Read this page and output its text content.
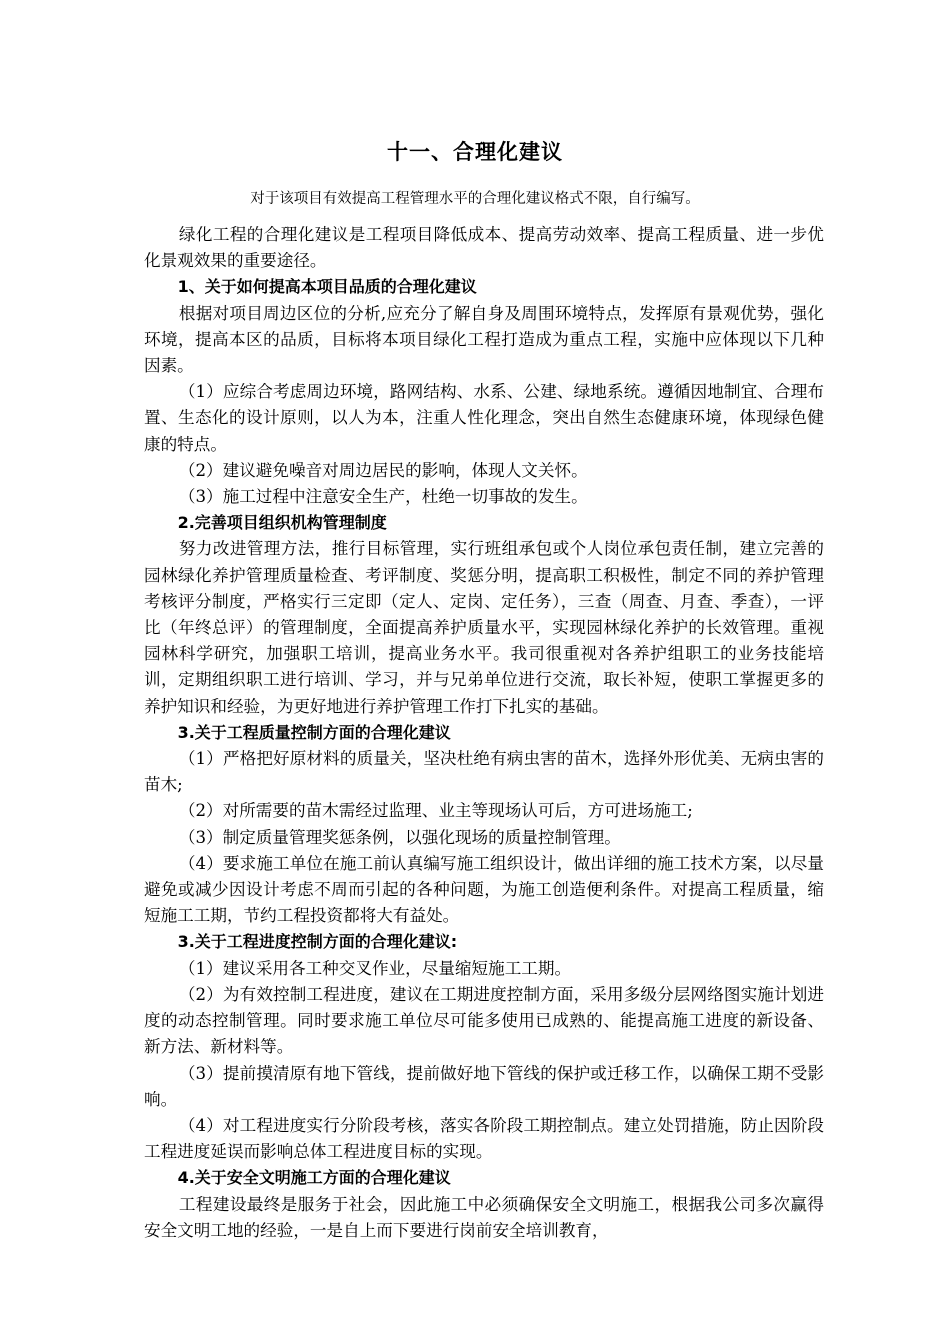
十一、合理化建议
对于该项目有效提高工程管理水平的合理化建议格式不限，自行编写。

绿化工程的合理化建议是工程项目降低成本、提高劳动效率、提高工程质量、进一步优化景观效果的重要途径。

1、关于如何提高本项目品质的合理化建议

根据对项目周边区位的分析,应充分了解自身及周围环境特点，发挥原有景观优势，强化环境，提高本区的品质，目标将本项目绿化工程打造成为重点工程，实施中应体现以下几种因素。

（1）应综合考虑周边环境，路网结构、水系、公建、绿地系统。遵循因地制宜、合理布置、生态化的设计原则，以人为本，注重人性化理念，突出自然生态健康环境，体现绿色健康的特点。

（2）建议避免噪音对周边居民的影响，体现人文关怀。

（3）施工过程中注意安全生产，杜绝一切事故的发生。

2.完善项目组织机构管理制度

努力改进管理方法，推行目标管理，实行班组承包或个人岗位承包责任制，建立完善的园林绿化养护管理质量检查、考评制度、奖惩分明，提高职工积极性，制定不同的养护管理考核评分制度，严格实行三定即（定人、定岗、定任务），三查（周查、月查、季查），一评比（年终总评）的管理制度，全面提高养护质量水平，实现园林绿化养护的长效管理。重视园林科学研究，加强职工培训，提高业务水平。我司很重视对各养护组职工的业务技能培训，定期组织职工进行培训、学习，并与兄弟单位进行交流，取长补短，使职工掌握更多的养护知识和经验，为更好地进行养护管理工作打下扎实的基础。

3.关于工程质量控制方面的合理化建议

（1）严格把好原材料的质量关，坚决杜绝有病虫害的苗木，选择外形优美、无病虫害的苗木;

（2）对所需要的苗木需经过监理、业主等现场认可后，方可进场施工;

（3）制定质量管理奖惩条例，以强化现场的质量控制管理。

（4）要求施工单位在施工前认真编写施工组织设计，做出详细的施工技术方案，以尽量避免或减少因设计考虑不周而引起的各种问题，为施工创造便利条件。对提高工程质量，缩短施工工期，节约工程投资都将大有益处。

3.关于工程进度控制方面的合理化建议:

（1）建议采用各工种交叉作业，尽量缩短施工工期。

（2）为有效控制工程进度，建议在工期进度控制方面，采用多级分层网络图实施计划进度的动态控制管理。同时要求施工单位尽可能多使用已成熟的、能提高施工进度的新设备、新方法、新材料等。

（3）提前摸清原有地下管线，提前做好地下管线的保护或迁移工作，以确保工期不受影响。

（4）对工程进度实行分阶段考核，落实各阶段工期控制点。建立处罚措施，防止因阶段工程进度延误而影响总体工程进度目标的实现。

4.关于安全文明施工方面的合理化建议

工程建设最终是服务于社会，因此施工中必须确保安全文明施工，根据我公司多次赢得安全文明工地的经验，一是自上而下要进行岗前安全培训教育，
